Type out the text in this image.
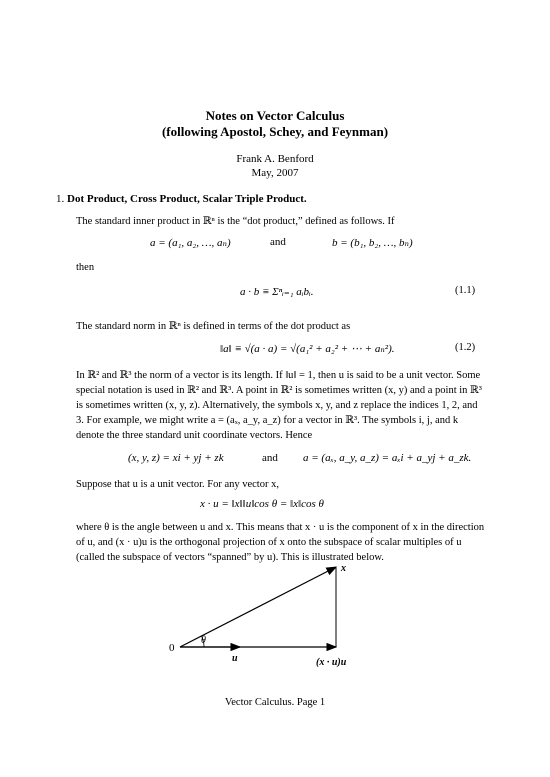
Notes on Vector Calculus
(following Apostol, Schey, and Feynman)
Frank A. Benford
May, 2007
1. Dot Product, Cross Product, Scalar Triple Product.
The standard inner product in ℝⁿ is the “dot product,” defined as follows. If
a = (a₁, a₂, …, aₙ)	and	b = (b₁, b₂, …, bₙ)
then
a · b ≡ Σⁿᵢ₌₁ aᵢbᵢ.	(1.1)
The standard norm in ℝⁿ is defined in terms of the dot product as
‖a‖ ≡ √(a · a) = √(a₁² + a₂² + ⋯ + aₙ²).	(1.2)
In ℝ² and ℝ³ the norm of a vector is its length. If ‖u‖ = 1, then u is said to be a unit vector. Some special notation is used in ℝ² and ℝ³. A point in ℝ² is sometimes written (x, y) and a point in ℝ³ is sometimes written (x, y, z). Alternatively, the symbols x, y, and z replace the indices 1, 2, and 3. For example, we might write a = (aₓ, a_y, a_z) for a vector in ℝ³. The symbols i, j, and k denote the three standard unit coordinate vectors. Hence
(x, y, z) = xi + yj + zk	and a = (aₓ, a_y, a_z) = aₓi + a_yj + a_zk.
Suppose that u is a unit vector. For any vector x,
x · u = ‖x‖‖u‖cos θ = ‖x‖cos θ
where θ is the angle between u and x. This means that x · u is the component of x in the direction of u, and (x · u)u is the orthogonal projection of x onto the subspace of scalar multiples of u (called the subspace of vectors “spanned” by u). This is illustrated below.
x
0
θ
u	(x · u)u
Vector Calculus. Page 1
